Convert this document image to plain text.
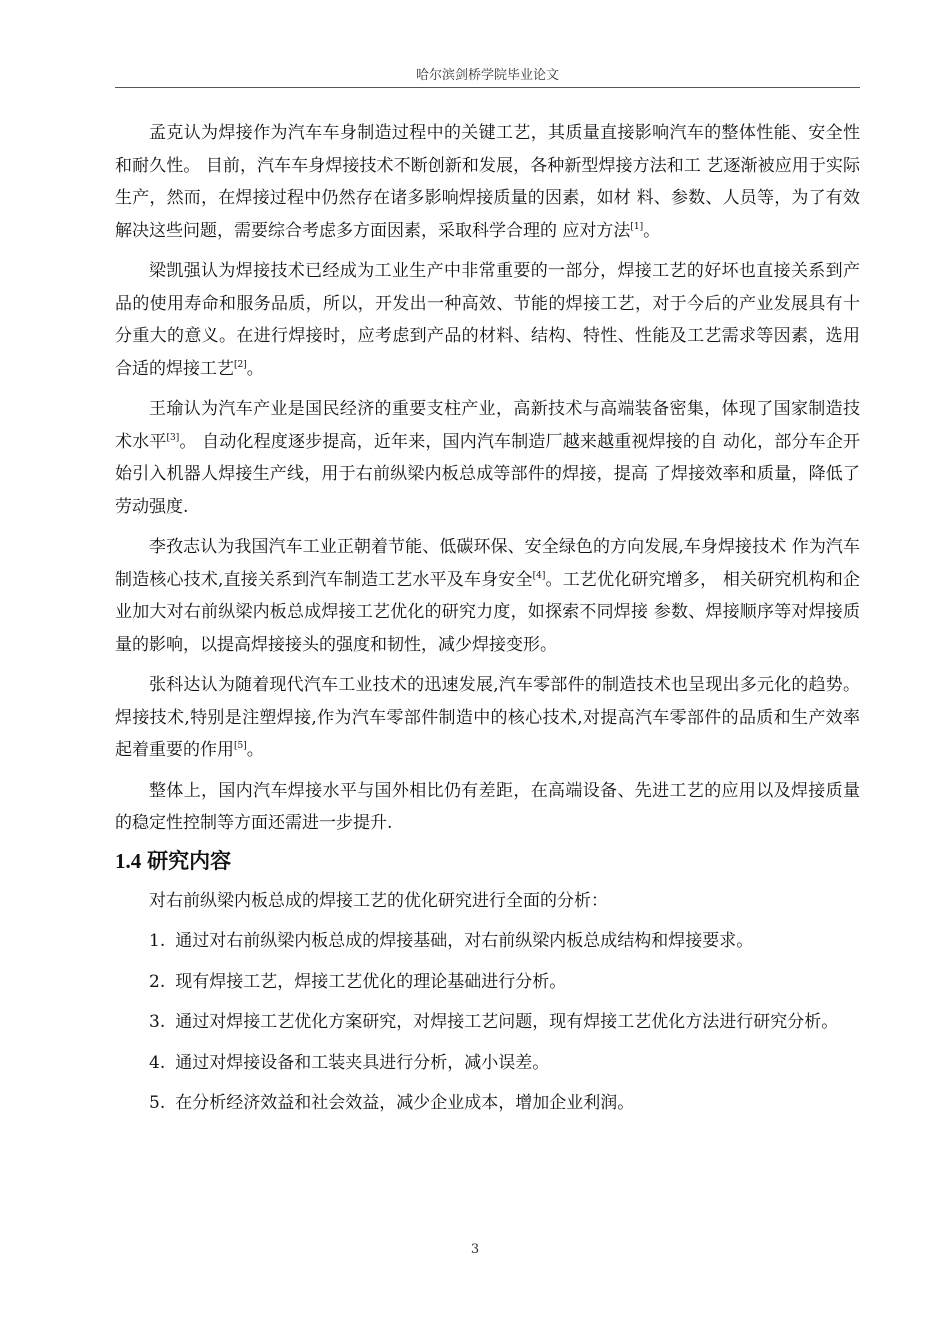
哈尔滨剑桥学院毕业论文

孟克认为焊接作为汽车车身制造过程中的关键工艺，其质量直接影响汽车的整体性能、安全性和耐久性。 目前，汽车车身焊接技术不断创新和发展，各种新型焊接方法和工 艺逐渐被应用于实际生产，然而，在焊接过程中仍然存在诸多影响焊接质量的因素，如材 料、参数、人员等，为了有效解决这些问题，需要综合考虑多方面因素，采取科学合理的 应对方法[1]。

梁凯强认为焊接技术已经成为工业生产中非常重要的一部分，焊接工艺的好坏也直接关系到产品的使用寿命和服务品质，所以，开发出一种高效、节能的焊接工艺，对于今后的产业发展具有十分重大的意义。在进行焊接时，应考虑到产品的材料、结构、特性、性能及工艺需求等因素，选用合适的焊接工艺[2]。

王瑜认为汽车产业是国民经济的重要支柱产业，高新技术与高端装备密集，体现了国家制造技术水平[3]。 自动化程度逐步提高，近年来，国内汽车制造厂越来越重视焊接的自 动化，部分车企开始引入机器人焊接生产线，用于右前纵梁内板总成等部件的焊接，提高 了焊接效率和质量，降低了劳动强度.

李孜志认为我国汽车工业正朝着节能、低碳环保、安全绿色的方向发展,车身焊接技术 作为汽车制造核心技术,直接关系到汽车制造工艺水平及车身安全[4]。工艺优化研究增多， 相关研究机构和企业加大对右前纵梁内板总成焊接工艺优化的研究力度，如探索不同焊接 参数、焊接顺序等对焊接质量的影响，以提高焊接接头的强度和韧性，减少焊接变形。

张科达认为随着现代汽车工业技术的迅速发展,汽车零部件的制造技术也呈现出多元化的趋势。焊接技术,特别是注塑焊接,作为汽车零部件制造中的核心技术,对提高汽车零部件的品质和生产效率起着重要的作用[5]。

整体上，国内汽车焊接水平与国外相比仍有差距，在高端设备、先进工艺的应用以及焊接质量的稳定性控制等方面还需进一步提升.

1.4 研究内容

对右前纵梁内板总成的焊接工艺的优化研究进行全面的分析：

1. 通过对右前纵梁内板总成的焊接基础，对右前纵梁内板总成结构和焊接要求。

2. 现有焊接工艺，焊接工艺优化的理论基础进行分析。

3. 通过对焊接工艺优化方案研究，对焊接工艺问题，现有焊接工艺优化方法进行研究分析。

4. 通过对焊接设备和工装夹具进行分析，减小误差。

5. 在分析经济效益和社会效益，减少企业成本，增加企业利润。

3
